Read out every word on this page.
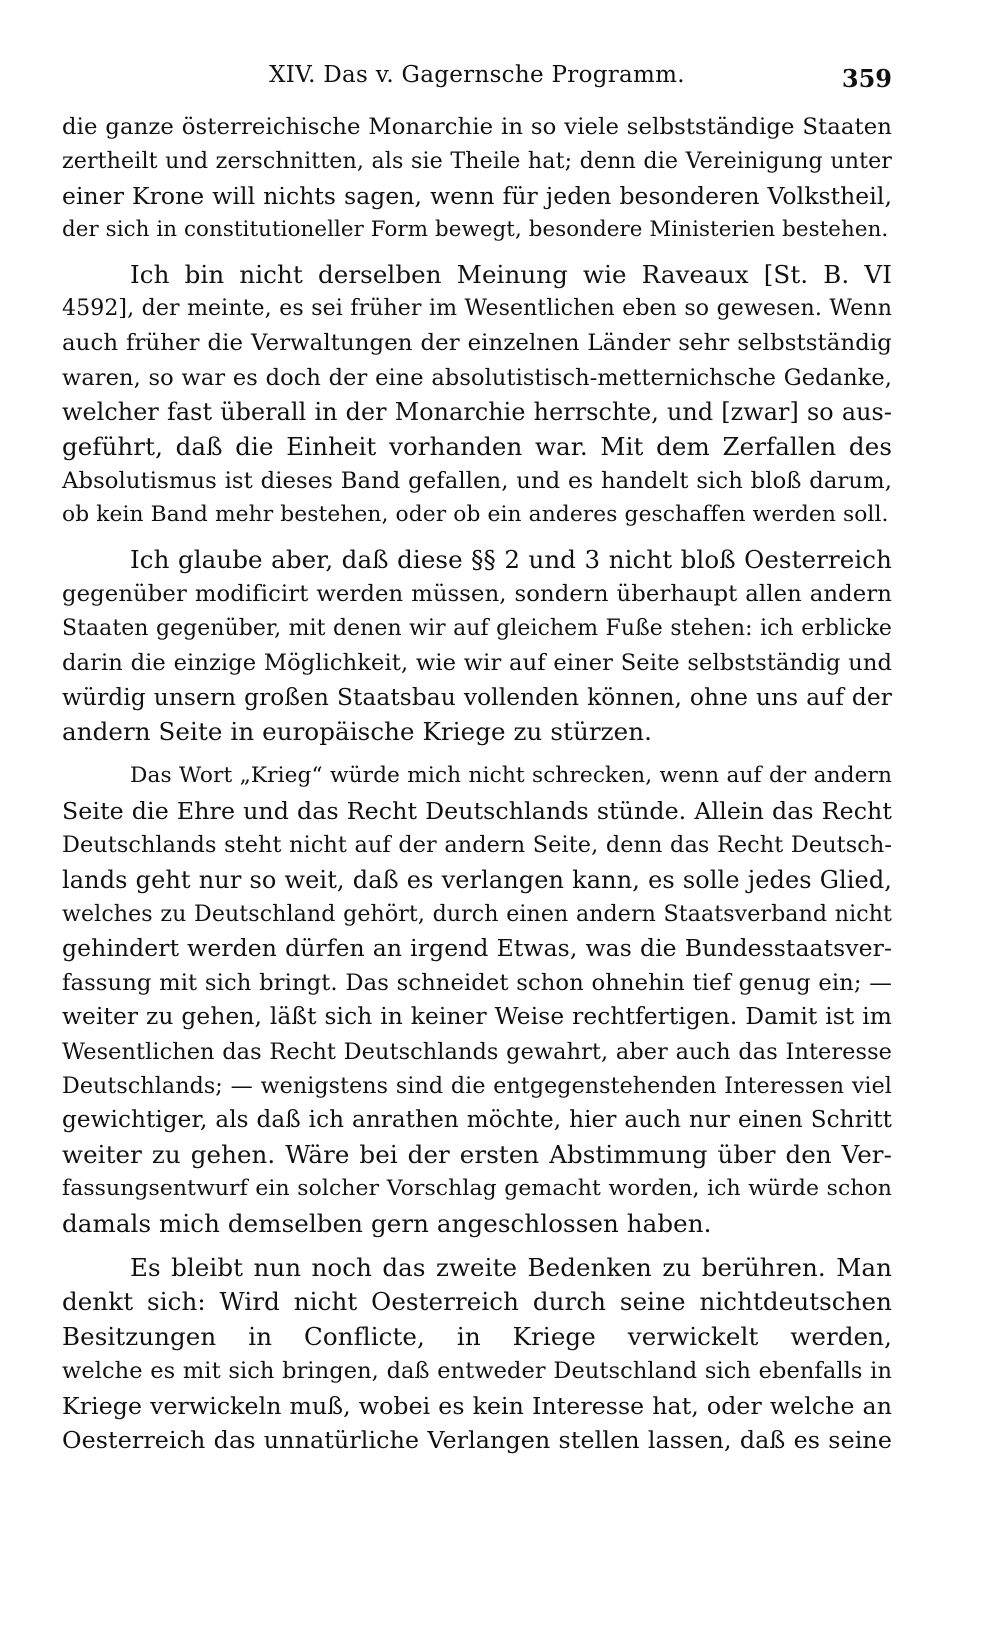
XIV. Das v. Gagernsche Programm.	359

die ganze österreichische Monarchie in so viele selbstständige Staaten
zertheilt und zerschnitten, als sie Theile hat; denn die Vereinigung unter
einer Krone will nichts sagen, wenn für jeden besonderen Volkstheil,
der sich in constitutioneller Form bewegt, besondere Ministerien bestehen.

Ich bin nicht derselben Meinung wie Raveaux [St. B. VI
4592], der meinte, es sei früher im Wesentlichen eben so gewesen. Wenn
auch früher die Verwaltungen der einzelnen Länder sehr selbstständig
waren, so war es doch der eine absolutistisch-metternichsche Gedanke,
welcher fast überall in der Monarchie herrschte, und [zwar] so aus-
geführt, daß die Einheit vorhanden war. Mit dem Zerfallen des
Absolutismus ist dieses Band gefallen, und es handelt sich bloß darum,
ob kein Band mehr bestehen, oder ob ein anderes geschaffen werden soll.

Ich glaube aber, daß diese §§ 2 und 3 nicht bloß Oesterreich
gegenüber modificirt werden müssen, sondern überhaupt allen andern
Staaten gegenüber, mit denen wir auf gleichem Fuße stehen: ich erblicke
darin die einzige Möglichkeit, wie wir auf einer Seite selbstständig und
würdig unsern großen Staatsbau vollenden können, ohne uns auf der
andern Seite in europäische Kriege zu stürzen.

Das Wort „Krieg“ würde mich nicht schrecken, wenn auf der andern
Seite die Ehre und das Recht Deutschlands stünde. Allein das Recht
Deutschlands steht nicht auf der andern Seite, denn das Recht Deutsch-
lands geht nur so weit, daß es verlangen kann, es solle jedes Glied,
welches zu Deutschland gehört, durch einen andern Staatsverband nicht
gehindert werden dürfen an irgend Etwas, was die Bundesstaatsver-
fassung mit sich bringt. Das schneidet schon ohnehin tief genug ein; —
weiter zu gehen, läßt sich in keiner Weise rechtfertigen. Damit ist im
Wesentlichen das Recht Deutschlands gewahrt, aber auch das Interesse
Deutschlands; — wenigstens sind die entgegenstehenden Interessen viel
gewichtiger, als daß ich anrathen möchte, hier auch nur einen Schritt
weiter zu gehen. Wäre bei der ersten Abstimmung über den Ver-
fassungsentwurf ein solcher Vorschlag gemacht worden, ich würde schon
damals mich demselben gern angeschlossen haben.

Es bleibt nun noch das zweite Bedenken zu berühren. Man
denkt sich: Wird nicht Oesterreich durch seine nichtdeutschen
Besitzungen in Conflicte, in Kriege verwickelt werden,
welche es mit sich bringen, daß entweder Deutschland sich ebenfalls in
Kriege verwickeln muß, wobei es kein Interesse hat, oder welche an
Oesterreich das unnatürliche Verlangen stellen lassen, daß es seine
